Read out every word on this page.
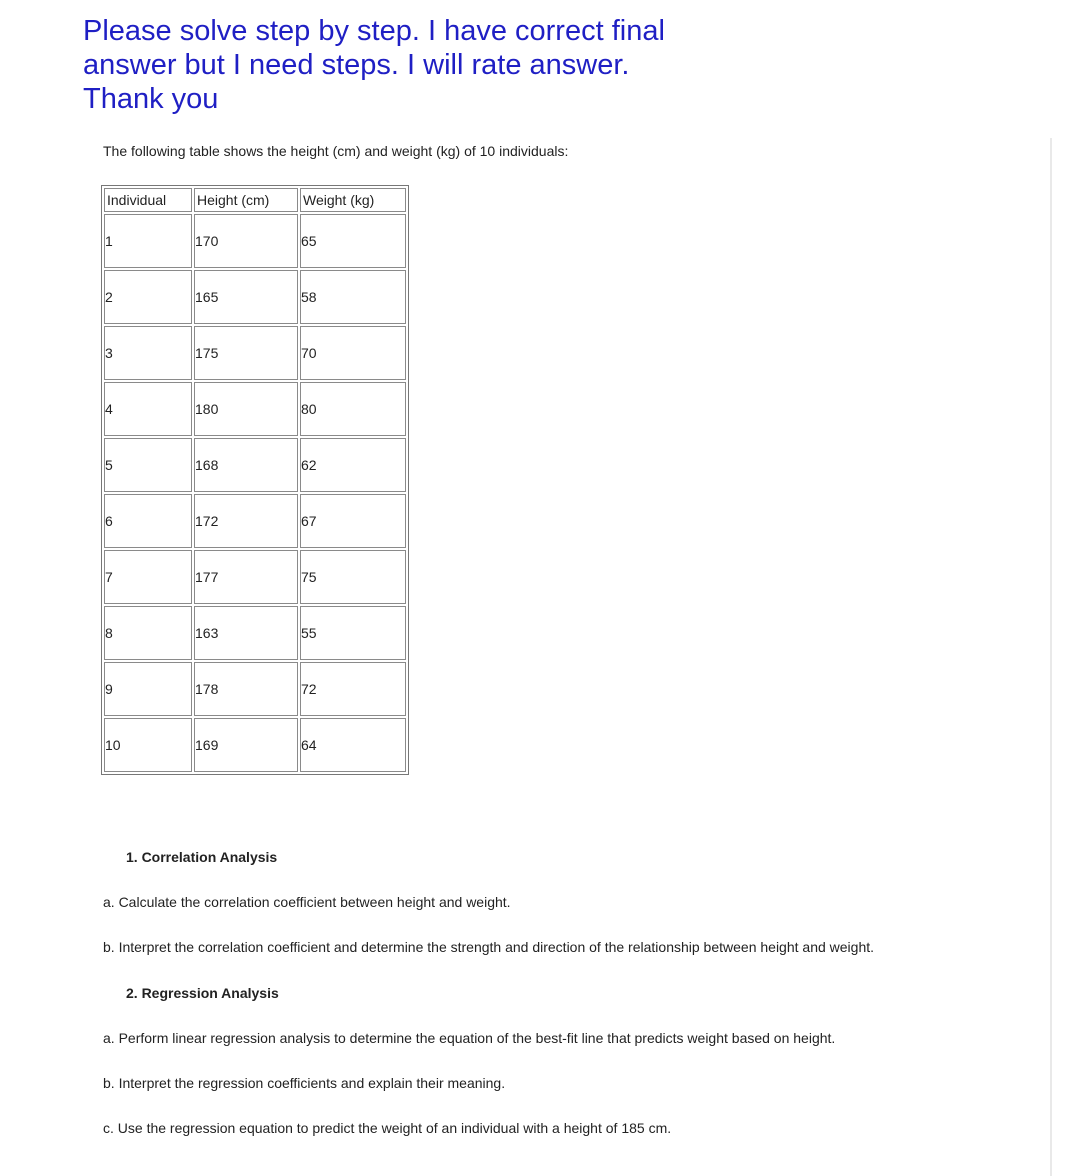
Please solve step by step. I have correct final
answer but I need steps. I will rate answer.
Thank you
The following table shows the height (cm) and weight (kg) of 10 individuals:
Individual	Height (cm)	Weight (kg)
1	170	65
2	165	58
3	175	70
4	180	80
5	168	62
6	172	67
7	177	75
8	163	55
9	178	72
10	169	64
1. Correlation Analysis
a. Calculate the correlation coefficient between height and weight.
b. Interpret the correlation coefficient and determine the strength and direction of the relationship between height and weight.
2. Regression Analysis
a. Perform linear regression analysis to determine the equation of the best-fit line that predicts weight based on height.
b. Interpret the regression coefficients and explain their meaning.
c. Use the regression equation to predict the weight of an individual with a height of 185 cm.
